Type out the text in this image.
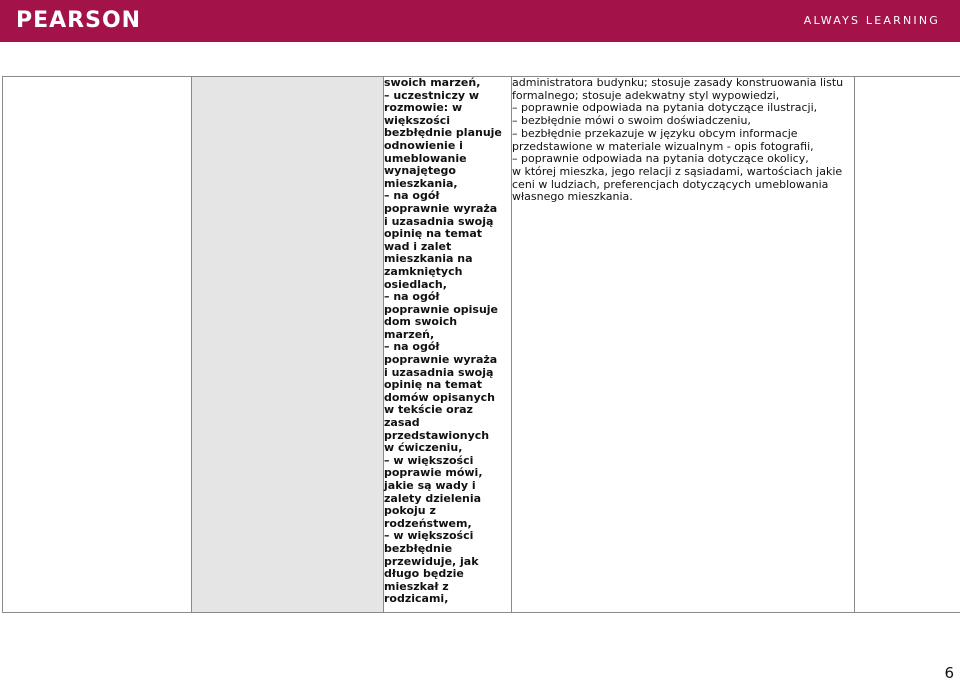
PEARSON	ALWAYS LEARNING

swoich marzeń,
– uczestniczy w
rozmowie: w
większości
bezbłędnie planuje
odnowienie i
umeblowanie
wynajętego
mieszkania,
– na ogół
poprawnie wyraża
i uzasadnia swoją
opinię na temat
wad i zalet
mieszkania na
zamkniętych
osiedlach,
– na ogół
poprawnie opisuje
dom swoich
marzeń,
– na ogół
poprawnie wyraża
i uzasadnia swoją
opinię na temat
domów opisanych
w tekście oraz
zasad
przedstawionych
w ćwiczeniu,
– w większości
poprawie mówi,
jakie są wady i
zalety dzielenia
pokoju z
rodzeństwem,
– w większości
bezbłędnie
przewiduje, jak
długo będzie
mieszkał z
rodzicami,

administratora budynku; stosuje zasady konstruowania listu
formalnego; stosuje adekwatny styl wypowiedzi,
– poprawnie odpowiada na pytania dotyczące ilustracji,
– bezbłędnie mówi o swoim doświadczeniu,
– bezbłędnie przekazuje w języku obcym informacje
przedstawione w materiale wizualnym - opis fotografii,
– poprawnie odpowiada na pytania dotyczące okolicy,
w której mieszka, jego relacji z sąsiadami, wartościach jakie
ceni w ludziach, preferencjach dotyczących umeblowania
własnego mieszkania.

6
